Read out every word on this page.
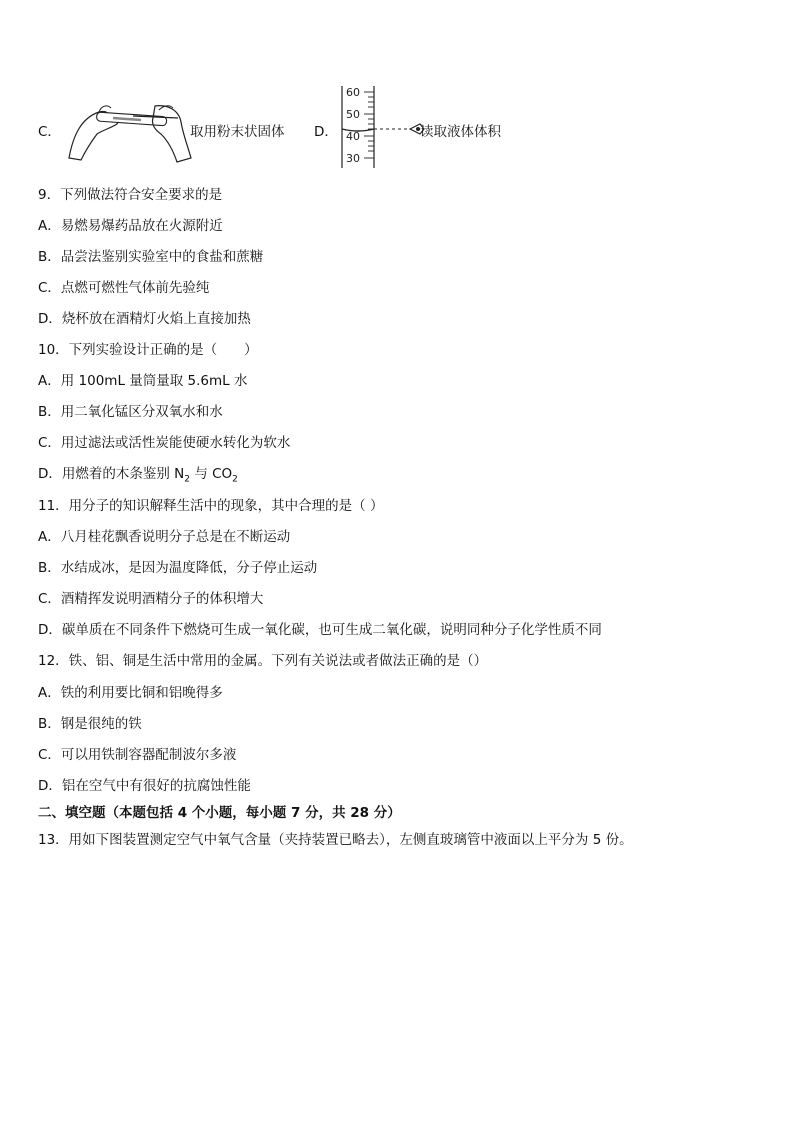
C．	取用粉末状固体 D．
60
50
40
30
读取液体体积
9．下列做法符合安全要求的是
A．易燃易爆药品放在火源附近
B．品尝法鉴别实验室中的食盐和蔗糖
C．点燃可燃性气体前先验纯
D．烧杯放在酒精灯火焰上直接加热
10．下列实验设计正确的是（　　）
A．用 100mL 量筒量取 5.6mL 水
B．用二氧化锰区分双氧水和水
C．用过滤法或活性炭能使硬水转化为软水
D．用燃着的木条鉴别 $N_2$ 与 $CO_2$
11．用分子的知识解释生活中的现象，其中合理的是（ ）
A．八月桂花飘香说明分子总是在不断运动
B．水结成冰，是因为温度降低，分子停止运动
C．酒精挥发说明酒精分子的体积增大
D．碳单质在不同条件下燃烧可生成一氧化碳，也可生成二氧化碳，说明同种分子化学性质不同
12．铁、铝、铜是生活中常用的金属。下列有关说法或者做法正确的是（）
A．铁的利用要比铜和铝晚得多
B．钢是很纯的铁
C．可以用铁制容器配制波尔多液
D．铝在空气中有很好的抗腐蚀性能
二、填空题（本题包括 4 个小题，每小题 7 分，共 28 分）
13．用如下图装置测定空气中氧气含量（夹持装置已略去），左侧直玻璃管中液面以上平分为 5 份。
